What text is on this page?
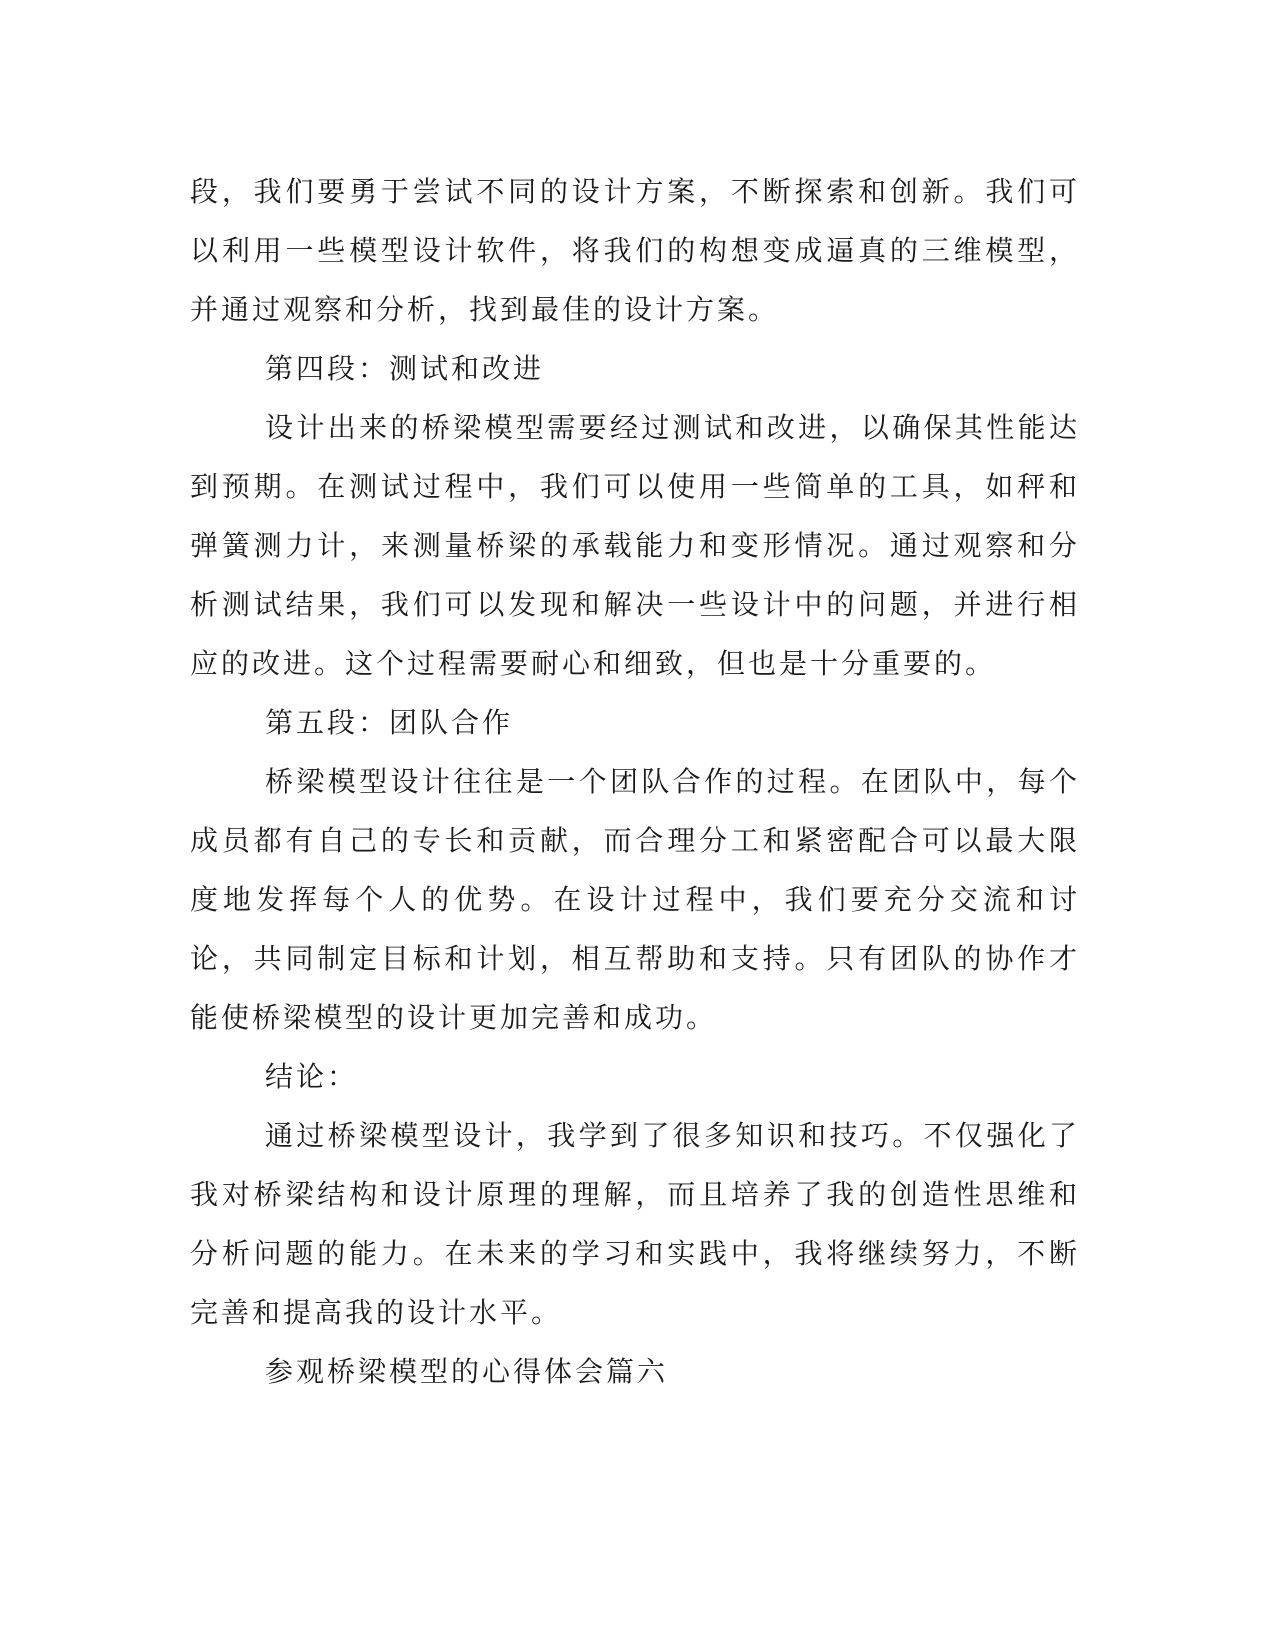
段，我们要勇于尝试不同的设计方案，不断探索和创新。我们可以利用一些模型设计软件，将我们的构想变成逼真的三维模型，并通过观察和分析，找到最佳的设计方案。

第四段：测试和改进

设计出来的桥梁模型需要经过测试和改进，以确保其性能达到预期。在测试过程中，我们可以使用一些简单的工具，如秤和弹簧测力计，来测量桥梁的承载能力和变形情况。通过观察和分析测试结果，我们可以发现和解决一些设计中的问题，并进行相应的改进。这个过程需要耐心和细致，但也是十分重要的。

第五段：团队合作

桥梁模型设计往往是一个团队合作的过程。在团队中，每个成员都有自己的专长和贡献，而合理分工和紧密配合可以最大限度地发挥每个人的优势。在设计过程中，我们要充分交流和讨论，共同制定目标和计划，相互帮助和支持。只有团队的协作才能使桥梁模型的设计更加完善和成功。

结论：

通过桥梁模型设计，我学到了很多知识和技巧。不仅强化了我对桥梁结构和设计原理的理解，而且培养了我的创造性思维和分析问题的能力。在未来的学习和实践中，我将继续努力，不断完善和提高我的设计水平。

参观桥梁模型的心得体会篇六
